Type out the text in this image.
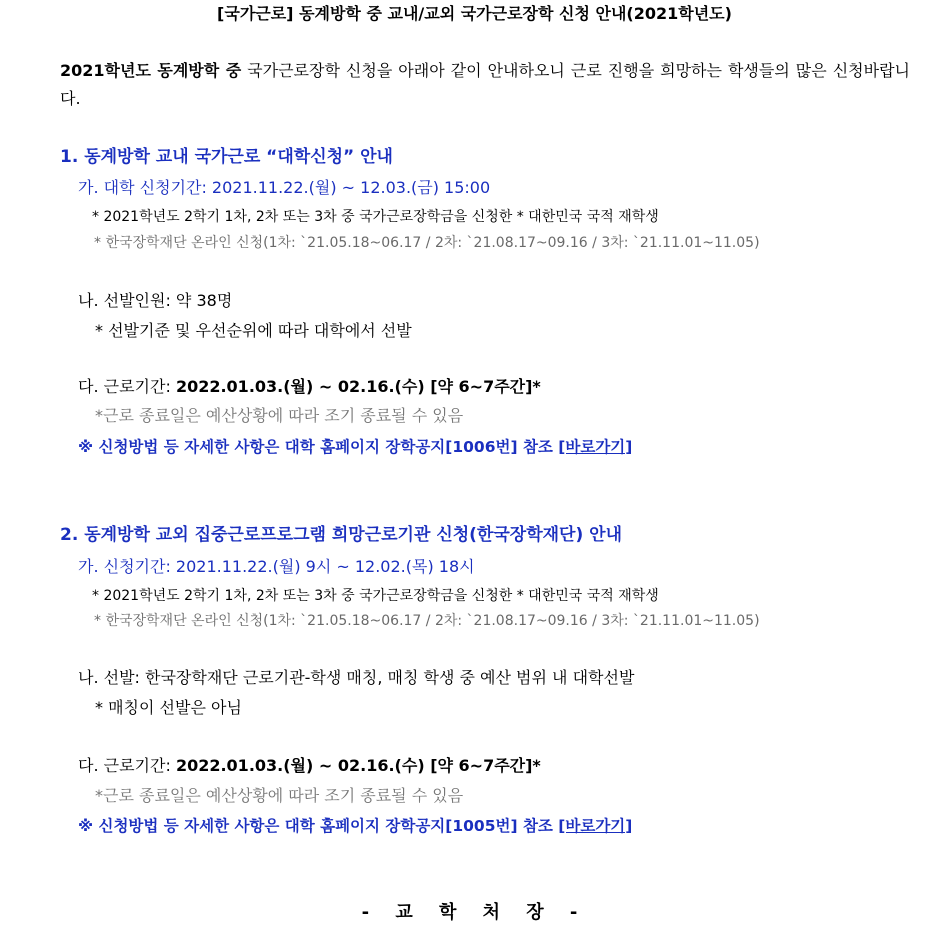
[국가근로] 동계방학 중 교내/교외 국가근로장학 신청 안내(2021학년도)
2021학년도 동계방학 중 국가근로장학 신청을 아래아 같이 안내하오니 근로 진행을 희망하는 학생들의 많은 신청바랍니다.
1. 동계방학 교내 국가근로 “대학신청” 안내
가. 대학 신청기간: 2021.11.22.(월) ~ 12.03.(금) 15:00
* 2021학년도 2학기 1차, 2차 또는 3차 중 국가근로장학금을 신청한 * 대한민국 국적 재학생
* 한국장학재단 온라인 신청(1차: `21.05.18~06.17 / 2차: `21.08.17~09.16 / 3차: `21.11.01~11.05)
나. 선발인원: 약 38명
* 선발기준 및 우선순위에 따라 대학에서 선발
다. 근로기간: 2022.01.03.(월) ~ 02.16.(수) [약 6~7주간]*
*근로 종료일은 예산상황에 따라 조기 종료될 수 있음
※ 신청방법 등 자세한 사항은 대학 홈페이지 장학공지[1006번] 참조 [바로가기]
2. 동계방학 교외 집중근로프로그램 희망근로기관 신청(한국장학재단) 안내
가. 신청기간: 2021.11.22.(월) 9시 ~ 12.02.(목) 18시
* 2021학년도 2학기 1차, 2차 또는 3차 중 국가근로장학금을 신청한 * 대한민국 국적 재학생
* 한국장학재단 온라인 신청(1차: `21.05.18~06.17 / 2차: `21.08.17~09.16 / 3차: `21.11.01~11.05)
나. 선발: 한국장학재단 근로기관-학생 매칭, 매칭 학생 중 예산 범위 내 대학선발
* 매칭이 선발은 아님
다. 근로기간: 2022.01.03.(월) ~ 02.16.(수) [약 6~7주간]*
*근로 종료일은 예산상황에 따라 조기 종료될 수 있음
※ 신청방법 등 자세한 사항은 대학 홈페이지 장학공지[1005번] 참조 [바로가기]
- 교 학 처 장 -
